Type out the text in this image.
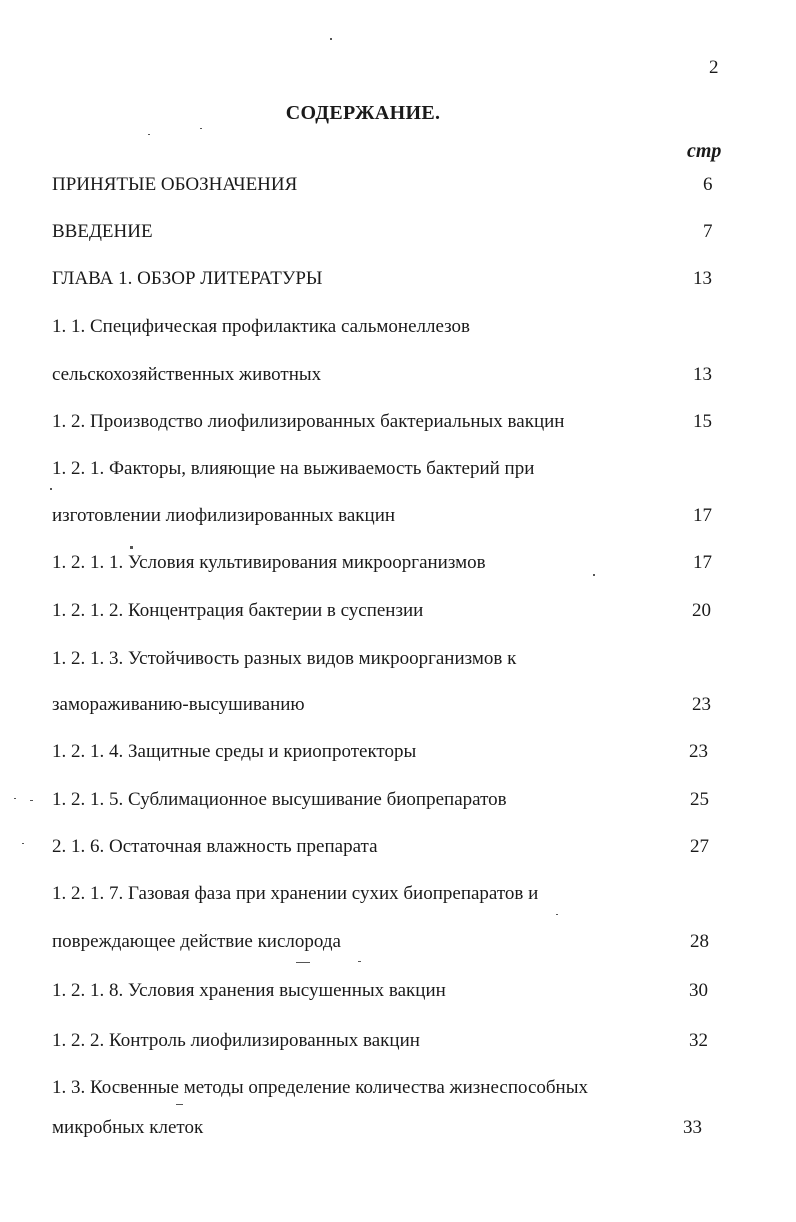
2
СОДЕРЖАНИЕ.
стр
ПРИНЯТЫЕ ОБОЗНАЧЕНИЯ
ВВЕДЕНИЕ
ГЛАВА 1. ОБЗОР ЛИТЕРАТУРЫ
1. 1. Специфическая профилактика сальмонеллезов
сельскохозяйственных животных
1. 2. Производство лиофилизированных бактериальных вакцин
1. 2. 1. Факторы, влияющие на выживаемость бактерий при
изготовлении лиофилизированных вакцин
1. 2. 1. 1. Условия культивирования микроорганизмов
1. 2. 1. 2. Концентрация бактерии в суспензии
1. 2. 1. 3. Устойчивость разных видов микроорганизмов к
замораживанию-высушиванию
1. 2. 1. 4. Защитные среды и криопротекторы
1. 2. 1. 5. Сублимационное высушивание биопрепаратов
2. 1. 6. Остаточная влажность препарата
1. 2. 1. 7. Газовая фаза при хранении сухих биопрепаратов и
повреждающее действие кислорода
1. 2. 1. 8. Условия хранения высушенных вакцин
1. 2. 2. Контроль лиофилизированных вакцин
1. 3. Косвенные методы определение количества жизнеспособных
микробных клеток
6
7
13
13
15
17
17
20
23
23
25
27
28
30
32
33
